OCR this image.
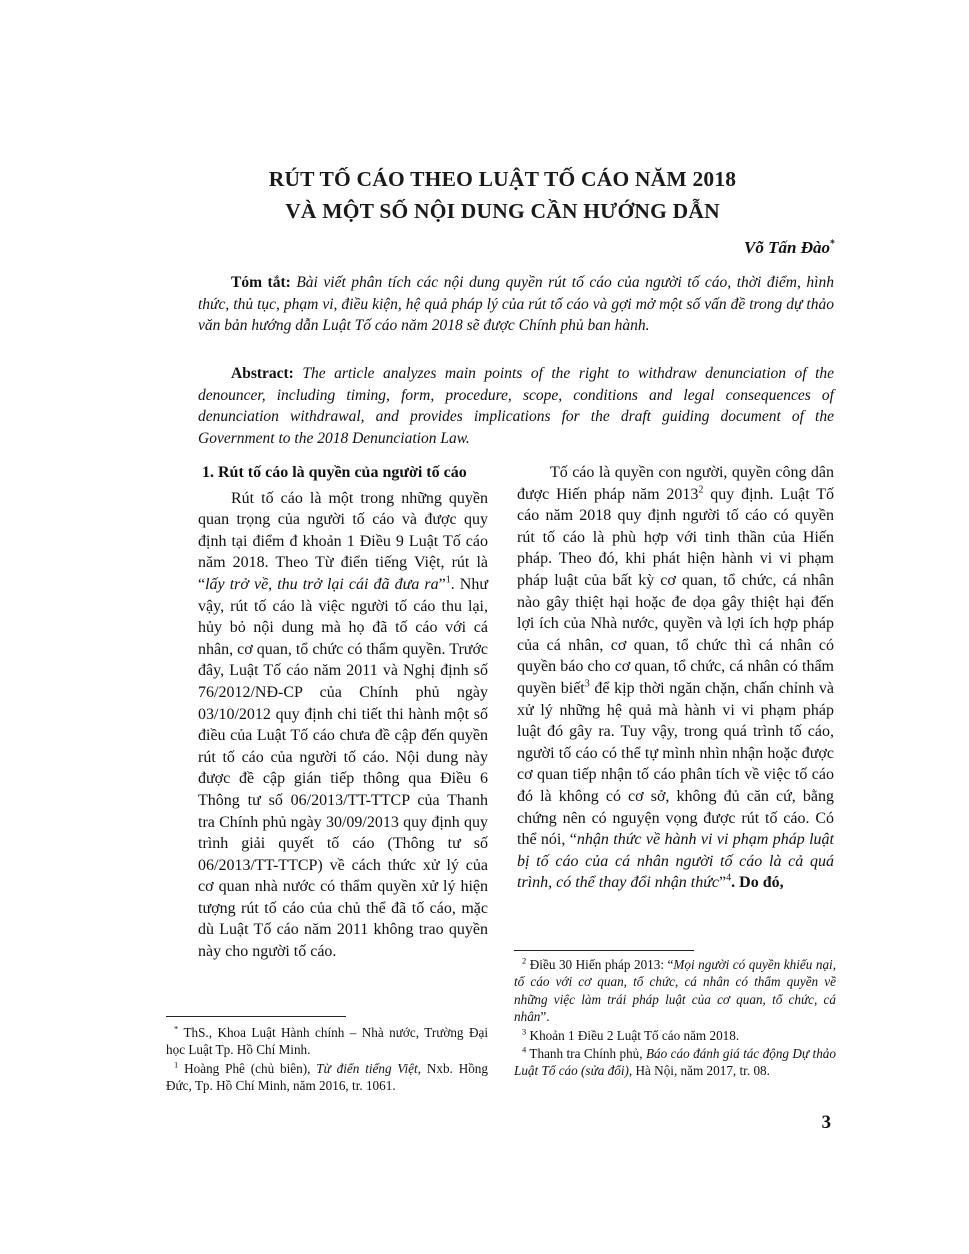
RÚT TỐ CÁO THEO LUẬT TỐ CÁO NĂM 2018
VÀ MỘT SỐ NỘI DUNG CẦN HƯỚNG DẪN
Võ Tấn Đào*
Tóm tắt: Bài viết phân tích các nội dung quyền rút tố cáo của người tố cáo, thời điểm, hình thức, thủ tục, phạm vi, điều kiện, hệ quả pháp lý của rút tố cáo và gợi mở một số vấn đề trong dự thảo văn bản hướng dẫn Luật Tố cáo năm 2018 sẽ được Chính phủ ban hành.
Abstract: The article analyzes main points of the right to withdraw denunciation of the denouncer, including timing, form, procedure, scope, conditions and legal consequences of denunciation withdrawal, and provides implications for the draft guiding document of the Government to the 2018 Denunciation Law.

1. Rút tố cáo là quyền của người tố cáo

Rút tố cáo là một trong những quyền quan trọng của người tố cáo và được quy định tại điểm đ khoản 1 Điều 9 Luật Tố cáo năm 2018. Theo Từ điển tiếng Việt, rút là “lấy trở về, thu trở lại cái đã đưa ra”$^1$. Như vậy, rút tố cáo là việc người tố cáo thu lại, hủy bỏ nội dung mà họ đã tố cáo với cá nhân, cơ quan, tổ chức có thẩm quyền. Trước đây, Luật Tố cáo năm 2011 và Nghị định số 76/2012/NĐ-CP của Chính phủ ngày 03/10/2012 quy định chi tiết thi hành một số điều của Luật Tố cáo chưa đề cập đến quyền rút tố cáo của người tố cáo. Nội dung này được đề cập gián tiếp thông qua Điều 6 Thông tư số 06/2013/TT-TTCP của Thanh tra Chính phủ ngày 30/09/2013 quy định quy trình giải quyết tố cáo (Thông tư số 06/2013/TT-TTCP) về cách thức xử lý của cơ quan nhà nước có thẩm quyền xử lý hiện tượng rút tố cáo của chủ thể đã tố cáo, mặc dù Luật Tố cáo năm 2011 không trao quyền này cho người tố cáo.

Tố cáo là quyền con người, quyền công dân được Hiến pháp năm 2013$^2$ quy định. Luật Tố cáo năm 2018 quy định người tố cáo có quyền rút tố cáo là phù hợp với tinh thần của Hiến pháp. Theo đó, khi phát hiện hành vi vi phạm pháp luật của bất kỳ cơ quan, tổ chức, cá nhân nào gây thiệt hại hoặc đe dọa gây thiệt hại đến lợi ích của Nhà nước, quyền và lợi ích hợp pháp của cá nhân, cơ quan, tổ chức thì cá nhân có quyền báo cho cơ quan, tổ chức, cá nhân có thẩm quyền biết$^3$ để kịp thời ngăn chặn, chấn chỉnh và xử lý những hệ quả mà hành vi vi phạm pháp luật đó gây ra. Tuy vậy, trong quá trình tố cáo, người tố cáo có thể tự mình nhìn nhận hoặc được cơ quan tiếp nhận tố cáo phân tích về việc tố cáo đó là không có cơ sở, không đủ căn cứ, bằng chứng nên có nguyện vọng được rút tố cáo. Có thể nói, “nhận thức về hành vi vi phạm pháp luật bị tố cáo của cá nhân người tố cáo là cả quá trình, có thể thay đổi nhận thức”$^4$. Do đó,

* ThS., Khoa Luật Hành chính – Nhà nước, Trường Đại học Luật Tp. Hồ Chí Minh.

$^1$ Hoàng Phê (chủ biên), Từ điển tiếng Việt, Nxb. Hồng Đức, Tp. Hồ Chí Minh, năm 2016, tr. 1061.

$^2$ Điều 30 Hiến pháp 2013: “Mọi người có quyền khiếu nại, tố cáo với cơ quan, tổ chức, cá nhân có thẩm quyền về những việc làm trái pháp luật của cơ quan, tổ chức, cá nhân”.

$^3$ Khoản 1 Điều 2 Luật Tố cáo năm 2018.

$^4$ Thanh tra Chính phủ, Báo cáo đánh giá tác động Dự thảo Luật Tố cáo (sửa đổi), Hà Nội, năm 2017, tr. 08.

3
